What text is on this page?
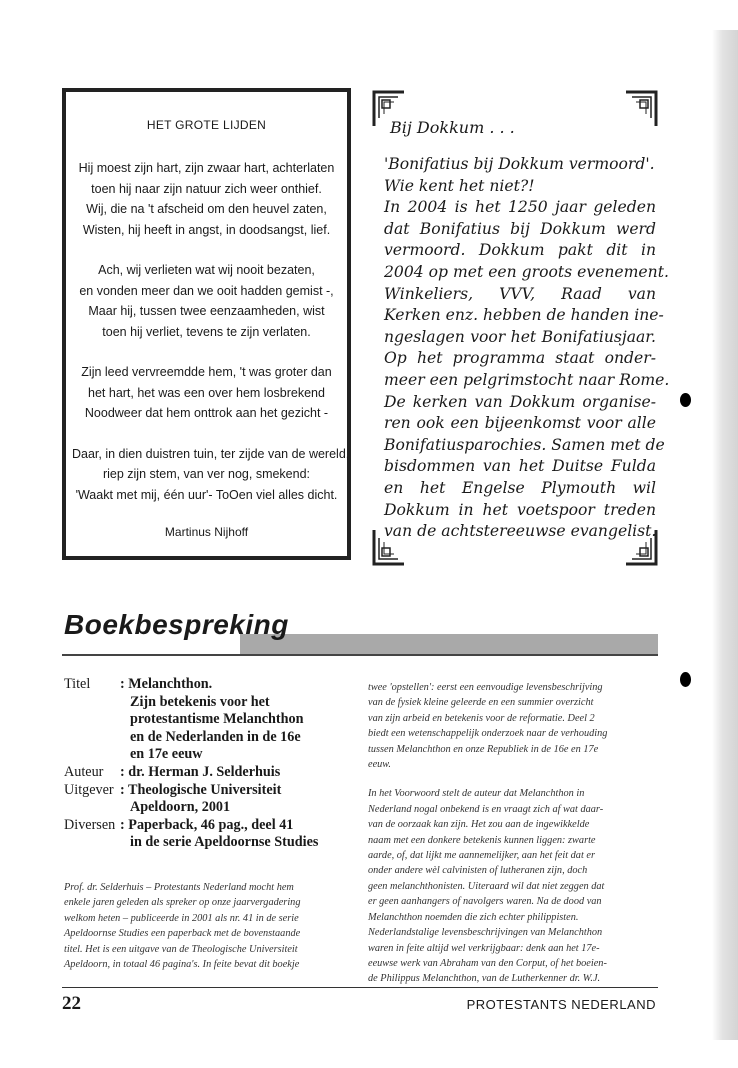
HET GROTE LIJDEN
Hij moest zijn hart, zijn zwaar hart, achterlaten
toen hij naar zijn natuur zich weer onthief.
Wij, die na 't afscheid om den heuvel zaten,
Wisten, hij heeft in angst, in doodsangst, lief.
Ach, wij verlieten wat wij nooit bezaten,
en vonden meer dan we ooit hadden gemist -,
Maar hij, tussen twee eenzaamheden, wist
toen hij verliet, tevens te zijn verlaten.
Zijn leed vervreemdde hem, 't was groter dan
het hart, het was een over hem losbrekend
Noodweer dat hem onttrok aan het gezicht -
Daar, in dien duistren tuin, ter zijde van de wereld,
riep zijn stem, van ver nog, smekend:
'Waakt met mij, één uur'- ToOen viel alles dicht.
Martinus Nijhoff
Bij Dokkum . . .
'Bonifatius bij Dokkum vermoord'.
Wie kent het niet?!
In 2004 is het 1250 jaar geleden
dat Bonifatius bij Dokkum werd
vermoord. Dokkum pakt dit in
2004 op met een groots evenement.
Winkeliers, VVV, Raad van
Kerken enz. hebben de handen ine-
ngeslagen voor het Bonifatiusjaar.
Op het programma staat onder-
meer een pelgrimstocht naar Rome.
De kerken van Dokkum organise-
ren ook een bijeenkomst voor alle
Bonifatiusparochies. Samen met de
bisdommen van het Duitse Fulda
en het Engelse Plymouth wil
Dokkum in het voetspoor treden
van de achtstereeuwse evangelist.
Boekbespreking
Titel	: Melanchthon.
Zijn betekenis voor het
protestantisme Melanchthon
en de Nederlanden in de 16e
en 17e eeuw
Auteur	: dr. Herman J. Selderhuis
Uitgever : Theologische Universiteit
Apeldoorn, 2001
Diversen : Paperback, 46 pag., deel 41
in de serie Apeldoornse Studies
Prof. dr. Selderhuis – Protestants Nederland mocht hem
enkele jaren geleden als spreker op onze jaarvergadering
welkom heten – publiceerde in 2001 als nr. 41 in de serie
Apeldoornse Studies een paperback met de bovenstaande
titel. Het is een uitgave van de Theologische Universiteit
Apeldoorn, in totaal 46 pagina's. In feite bevat dit boekje
twee 'opstellen': eerst een eenvoudige levensbeschrijving
van de fysiek kleine geleerde en een summier overzicht
van zijn arbeid en betekenis voor de reformatie. Deel 2
biedt een wetenschappelijk onderzoek naar de verhouding
tussen Melanchthon en onze Republiek in de 16e en 17e
eeuw.
In het Voorwoord stelt de auteur dat Melanchthon in
Nederland nogal onbekend is en vraagt zich af wat daar-
van de oorzaak kan zijn. Het zou aan de ingewikkelde
naam met een donkere betekenis kunnen liggen: zwarte
aarde, of, dat lijkt me aannemelijker, aan het feit dat er
onder andere wèl calvinisten of lutheranen zijn, doch
geen melanchthonisten. Uiteraard wil dat niet zeggen dat
er geen aanhangers of navolgers waren. Na de dood van
Melanchthon noemden die zich echter philippisten.
Nederlandstalige levensbeschrijvingen van Melanchthon
waren in feite altijd wel verkrijgbaar: denk aan het 17e-
eeuwse werk van Abraham van den Corput, of het boeien-
de Philippus Melanchthon, van de Lutherkenner dr. W.J.
22	PROTESTANTS NEDERLAND
